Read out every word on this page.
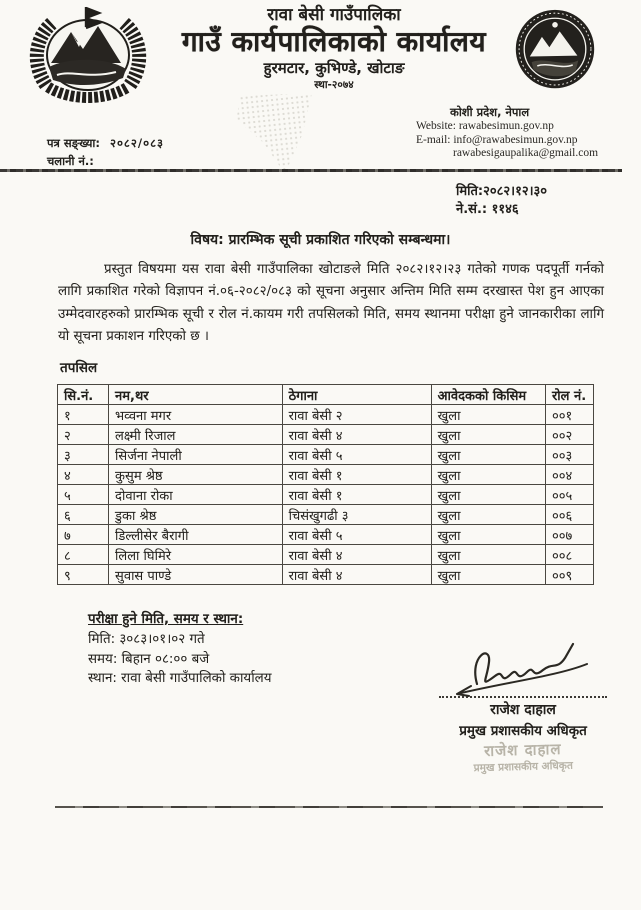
रावा बेसी गाउँपालिका
गाउँ कार्यपालिकाको कार्यालय
हुरमटार, कुभिण्डे, खोटाङ
स्था-२०७४
कोशी प्रदेश, नेपाल
Website: rawabesimun.gov.np
E-mail: info@rawabesimun.gov.np
rawabesigaupalika@gmail.com
पत्र सङ्ख्या: २०८२/०८३
चलानी नं.:
मिति:२०८२।१२।३०
ने.सं.: ११४६
विषय: प्रारम्भिक सूची प्रकाशित गरिएको सम्बन्धमा।
प्रस्तुत विषयमा यस रावा बेसी गाउँपालिका खोटाङले मिति २०८२।१२।२३ गतेको गणक पदपूर्ती गर्नको लागि प्रकाशित गरेको विज्ञापन नं.०६-२०८२/०८३ को सूचना अनुसार अन्तिम मिति सम्म दरखास्त पेश हुन आएका उम्मेदवारहरुको प्रारम्भिक सूची र रोल नं.कायम गरी तपसिलको मिति, समय स्थानमा परीक्षा हुने जानकारीका लागि यो सूचना प्रकाशन गरिएको छ ।
तपसिल
सि.नं.	नम,थर	ठेगाना	आवेदकको किसिम	रोल नं.
१	भव्वना मगर	रावा बेसी २	खुला	००१
२	लक्ष्मी रिजाल	रावा बेसी ४	खुला	००२
३	सिर्जना नेपाली	रावा बेसी ५	खुला	००३
४	कुसुम श्रेष्ठ	रावा बेसी १	खुला	००४
५	दोवाना रोका	रावा बेसी १	खुला	००५
६	डुका श्रेष्ठ	चिसंखुगढी ३	खुला	००६
७	डिल्लीसेर बैरागी	रावा बेसी ५	खुला	००७
८	लिला घिमिरे	रावा बेसी ४	खुला	००८
९	सुवास पाण्डे	रावा बेसी ४	खुला	००९
परीक्षा हुने मिति, समय र स्थान:
मिति: ३०८३।०१।०२ गते
समय: बिहान ०८:०० बजे
स्थान: रावा बेसी गाउँपालिको कार्यालय
राजेश दाहाल
प्रमुख प्रशासकीय अधिकृत
राजेश दाहाल
प्रमुख प्रशासकीय अधिकृत
